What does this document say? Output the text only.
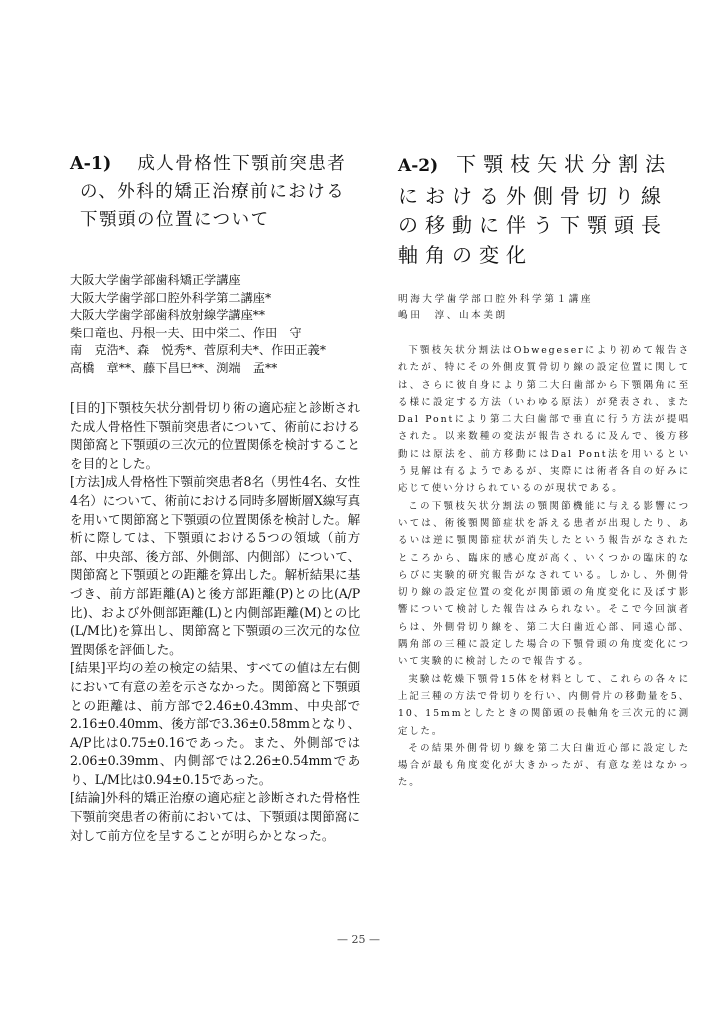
A-1) 成人骨格性下顎前突患者
の、外科的矯正治療前における
下顎頭の位置について
大阪大学歯学部歯科矯正学講座
大阪大学歯学部口腔外科学第二講座*
大阪大学歯学部歯科放射線学講座**
柴口竜也、丹根一夫、田中栄二、作田　守
南　克浩*、森　悦秀*、菅原利夫*、作田正義*
高橋　章**、藤下昌巳**、渕端　孟**

[目的]下顎枝矢状分割骨切り術の適応症と診断された成人骨格性下顎前突患者について、術前における関節窩と下顎頭の三次元的位置関係を検討することを目的とした。

[方法]成人骨格性下顎前突患者8名（男性4名、女性4名）について、術前における同時多層断層X線写真を用いて関節窩と下顎頭の位置関係を検討した。解析に際しては、下顎頭における5つの領域（前方部、中央部、後方部、外側部、内側部）について、関節窩と下顎頭との距離を算出した。解析結果に基づき、前方部距離(A)と後方部距離(P)との比(A/P比)、および外側部距離(L)と内側部距離(M)との比(L/M比)を算出し、関節窩と下顎頭の三次元的な位置関係を評価した。

[結果]平均の差の検定の結果、すべての値は左右側において有意の差を示さなかった。関節窩と下顎頭との距離は、前方部で2.46±0.43mm、中央部で2.16±0.40mm、後方部で3.36±0.58mmとなり、A/P比は0.75±0.16であった。また、外側部では2.06±0.39mm、内側部では2.26±0.54mmであり、L/M比は0.94±0.15であった。

[結論]外科的矯正治療の適応症と診断された骨格性下顎前突患者の術前においては、下顎頭は関節窩に対して前方位を呈することが明らかとなった。

A-2) 下顎枝矢状分割法
における外側骨切り線
の移動に伴う下顎頭長
軸角の変化
明海大学歯学部口腔外科学第１講座
嶋田　淳、山本美朗

下顎枝矢状分割法はObwegeserにより初めて報告されたが、特にその外側皮質骨切り線の設定位置に関しては、さらに彼自身により第二大臼歯部から下顎隅角に至る様に設定する方法（いわゆる原法）が発表され、またDal Pontにより第二大臼歯部で垂直に行う方法が提唱された。以来数種の変法が報告されるに及んで、後方移動には原法を、前方移動にはDal Pont法を用いるという見解は有るようであるが、実際には術者各自の好みに応じて使い分けられているのが現状である。

この下顎枝矢状分割法の顎関節機能に与える影響については、術後顎関節症状を訴える患者が出現したり、あるいは逆に顎関節症状が消失したという報告がなされたところから、臨床的感心度が高く、いくつかの臨床的ならびに実験的研究報告がなされている。しかし、外側骨切り線の設定位置の変化が関節頭の角度変化に及ぼす影響について検討した報告はみられない。そこで今回演者らは、外側骨切り線を、第二大臼歯近心部、同遠心部、隅角部の三種に設定した場合の下顎骨頭の角度変化について実験的に検討したので報告する。

実験は乾燥下顎骨15体を材料として、これらの各々に上記三種の方法で骨切りを行い、内側骨片の移動量を5、10、15mmとしたときの関節頭の長軸角を三次元的に測定した。

その結果外側骨切り線を第二大臼歯近心部に設定した場合が最も角度変化が大きかったが、有意な差はなかった。

— 25 —
